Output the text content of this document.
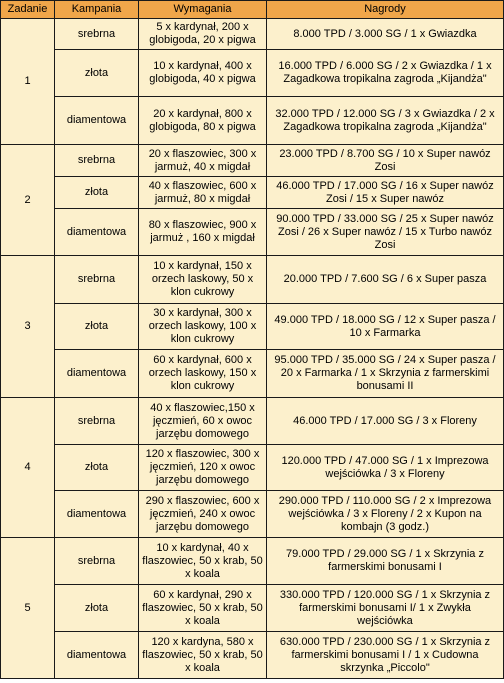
Zadanie	Kampania	Wymagania	Nagrody
1	srebrna	5 x kardynał, 200 x globigoda, 20 x pigwa	8.000 TPD / 3.000 SG / 1 x Gwiazdka
	złota	10 x kardynał, 400 x globigoda, 40 x pigwa	16.000 TPD / 6.000 SG / 2 x Gwiazdka / 1 x Zagadkowa tropikalna zagroda „Kijandża"
	diamentowa	20 x kardynał, 800 x globigoda, 80 x pigwa	32.000 TPD / 12.000 SG / 3 x Gwiazdka / 2 x Zagadkowa tropikalna zagroda „Kijandża"
2	srebrna	20 x flaszowiec, 300 x jarmuż, 40 x migdał	23.000 TPD / 8.700 SG / 10 x Super nawóz Zosi
	złota	40 x flaszowiec, 600 x jarmuż, 80 x migdał	46.000 TPD / 17.000 SG / 16 x Super nawóz Zosi / 15 x Super nawóz
	diamentowa	80 x flaszowiec, 900 x jarmuż , 160 x migdał	90.000 TPD / 33.000 SG / 25 x Super nawóz Zosi / 26 x Super nawóz / 15 x Turbo nawóz Zosi
3	srebrna	10 x kardynał, 150 x orzech laskowy, 50 x klon cukrowy	20.000 TPD / 7.600 SG / 6 x Super pasza
	złota	30 x kardynał, 300 x orzech laskowy, 100 x klon cukrowy	49.000 TPD / 18.000 SG / 12 x Super pasza / 10 x Farmarka
	diamentowa	60 x kardynał, 600 x orzech laskowy, 150 x klon cukrowy	95.000 TPD / 35.000 SG / 24 x Super pasza / 20 x Farmarka / 1 x Skrzynia z farmerskimi bonusami II
4	srebrna	40 x flaszowiec,150 x jęczmień, 60 x owoc jarzębu domowego	46.000 TPD / 17.000 SG / 3 x Floreny
	złota	120 x flaszowiec, 300 x jęczmień, 120 x owoc jarzębu domowego	120.000 TPD / 47.000 SG / 1 x Imprezowa wejściówka / 3 x Floreny
	diamentowa	290 x flaszowiec, 600 x jęczmień, 240 x owoc jarzębu domowego	290.000 TPD / 110.000 SG / 2 x Imprezowa wejściówka / 3 x Floreny / 2 x Kupon na kombajn (3 godz.)
5	srebrna	10 x kardynał, 40 x flaszowiec, 50 x krab, 50 x koala	79.000 TPD / 29.000 SG / 1 x Skrzynia z farmerskimi bonusami I
	złota	60 x kardynał, 290 x flaszowiec, 50 x krab, 50 x koala	330.000 TPD / 120.000 SG / 1 x Skrzynia z farmerskimi bonusami I/ 1 x Zwykła wejściówka
	diamentowa	120 x kardyna, 580 x flaszowiec, 50 x krab, 50 x koala	630.000 TPD / 230.000 SG / 1 x Skrzynia z farmerskimi bonusami I / 1 x Cudowna skrzynka „Piccolo"
